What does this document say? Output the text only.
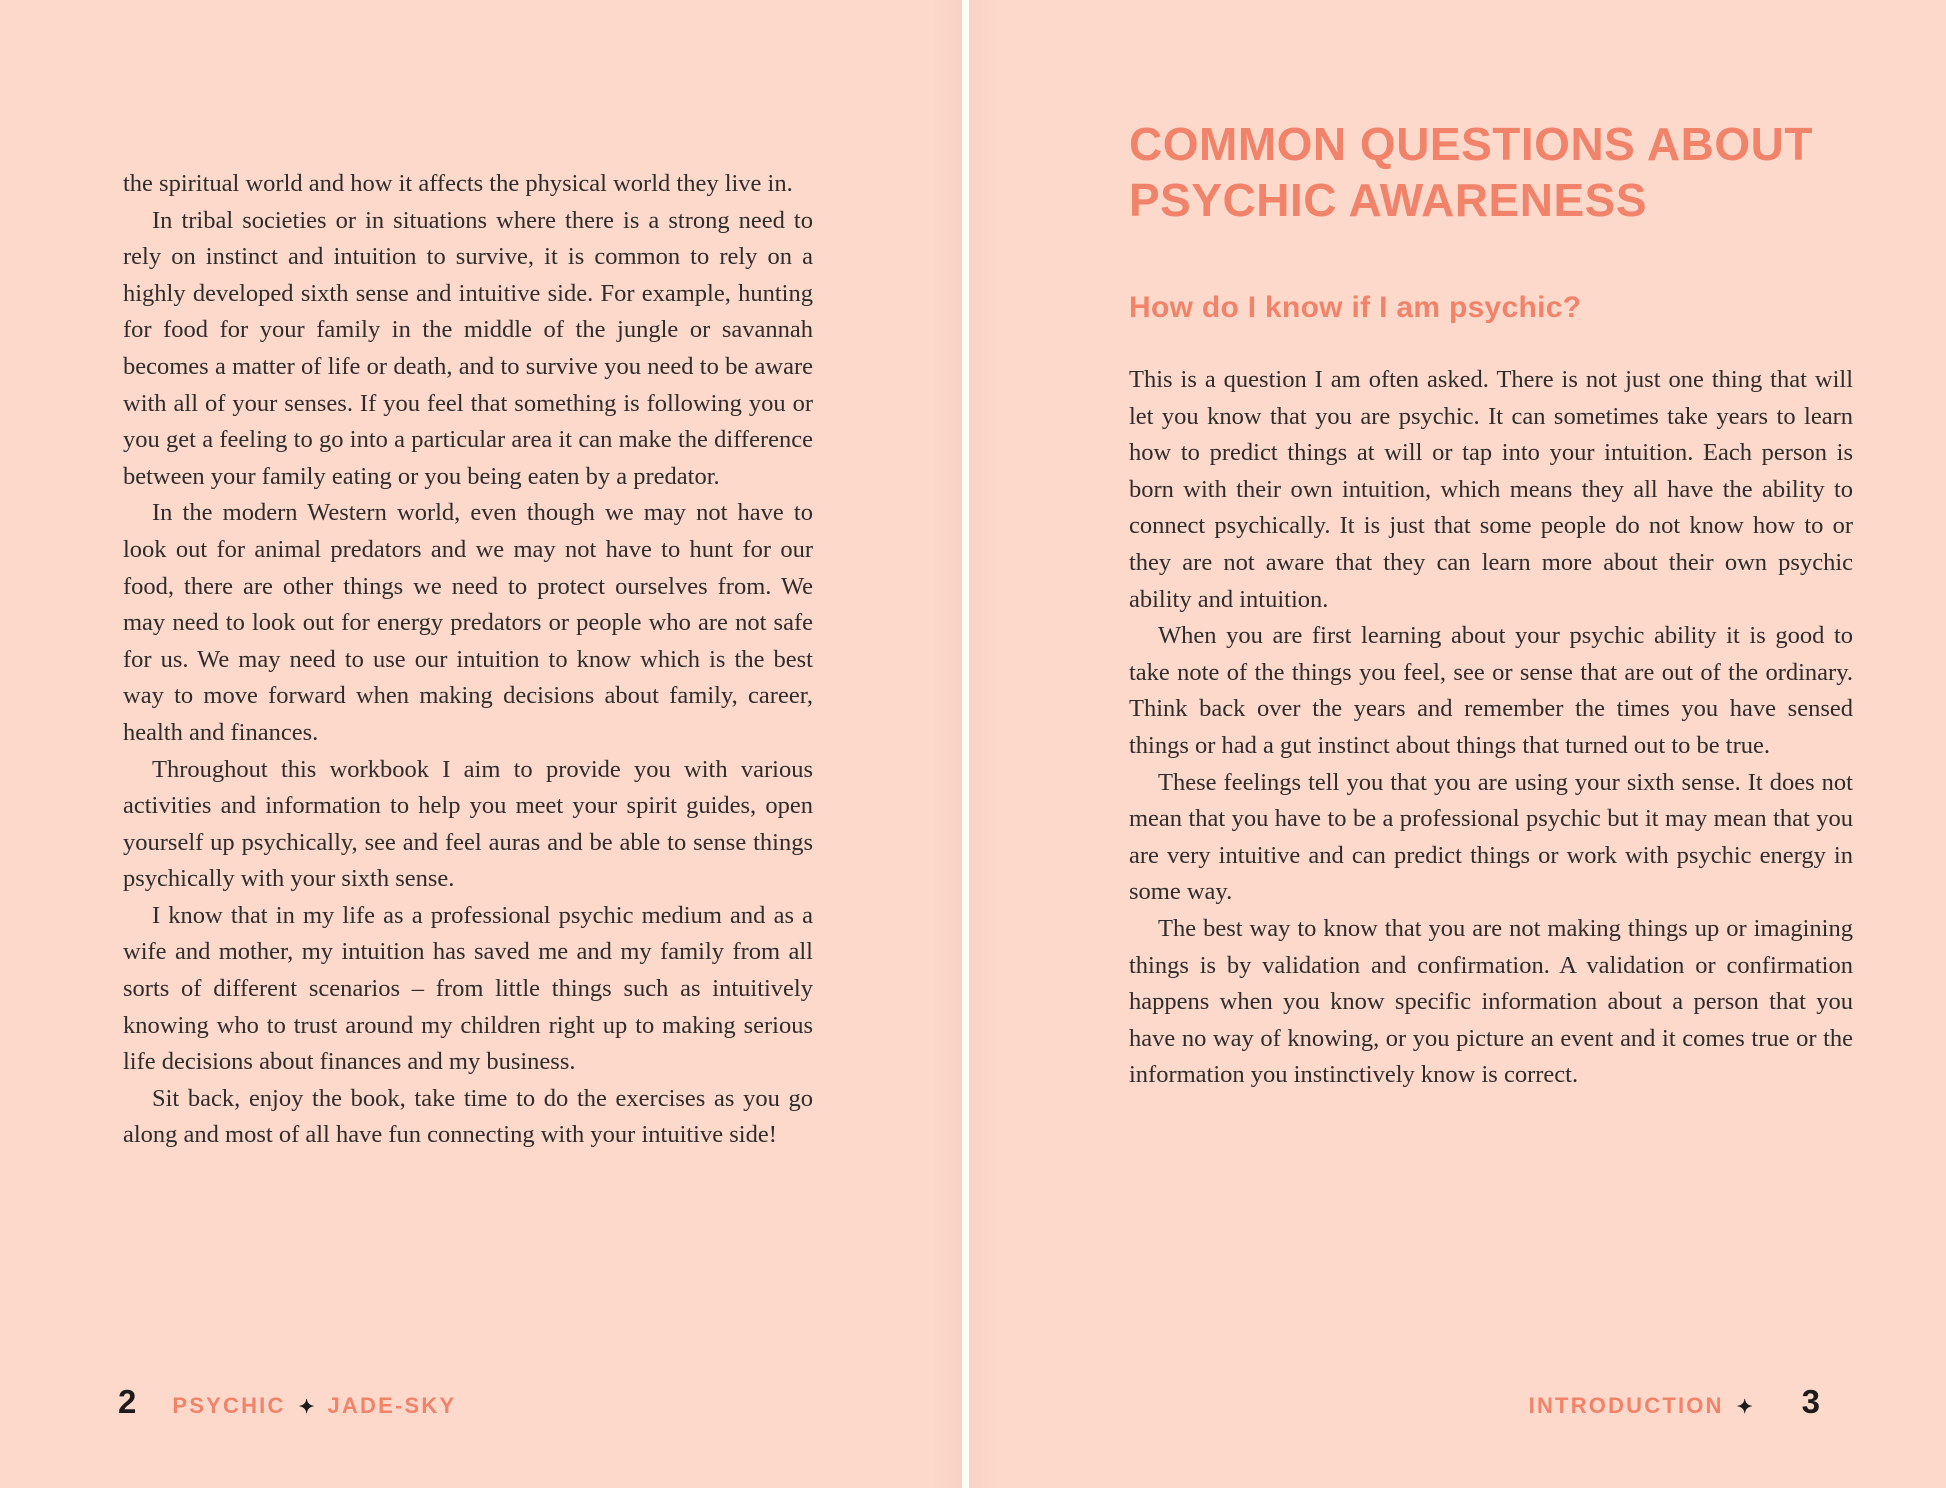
the spiritual world and how it affects the physical world they live in.

In tribal societies or in situations where there is a strong need to rely on instinct and intuition to survive, it is common to rely on a highly developed sixth sense and intuitive side. For example, hunting for food for your family in the middle of the jungle or savannah becomes a matter of life or death, and to survive you need to be aware with all of your senses. If you feel that something is following you or you get a feeling to go into a particular area it can make the difference between your family eating or you being eaten by a predator.

In the modern Western world, even though we may not have to look out for animal predators and we may not have to hunt for our food, there are other things we need to protect ourselves from. We may need to look out for energy predators or people who are not safe for us. We may need to use our intuition to know which is the best way to move forward when making decisions about family, career, health and finances.

Throughout this workbook I aim to provide you with various activities and information to help you meet your spirit guides, open yourself up psychically, see and feel auras and be able to sense things psychically with your sixth sense.

I know that in my life as a professional psychic medium and as a wife and mother, my intuition has saved me and my family from all sorts of different scenarios – from little things such as intuitively knowing who to trust around my children right up to making serious life decisions about finances and my business.

Sit back, enjoy the book, take time to do the exercises as you go along and most of all have fun connecting with your intuitive side!

2 PSYCHIC ✦ JADE-SKY
COMMON QUESTIONS ABOUT
PSYCHIC AWARENESS
How do I know if I am psychic?

This is a question I am often asked. There is not just one thing that will let you know that you are psychic. It can sometimes take years to learn how to predict things at will or tap into your intuition. Each person is born with their own intuition, which means they all have the ability to connect psychically. It is just that some people do not know how to or they are not aware that they can learn more about their own psychic ability and intuition.

When you are first learning about your psychic ability it is good to take note of the things you feel, see or sense that are out of the ordinary. Think back over the years and remember the times you have sensed things or had a gut instinct about things that turned out to be true.

These feelings tell you that you are using your sixth sense. It does not mean that you have to be a professional psychic but it may mean that you are very intuitive and can predict things or work with psychic energy in some way.

The best way to know that you are not making things up or imagining things is by validation and confirmation. A validation or confirmation happens when you know specific information about a person that you have no way of knowing, or you picture an event and it comes true or the information you instinctively know is correct.

INTRODUCTION ✦ 3
